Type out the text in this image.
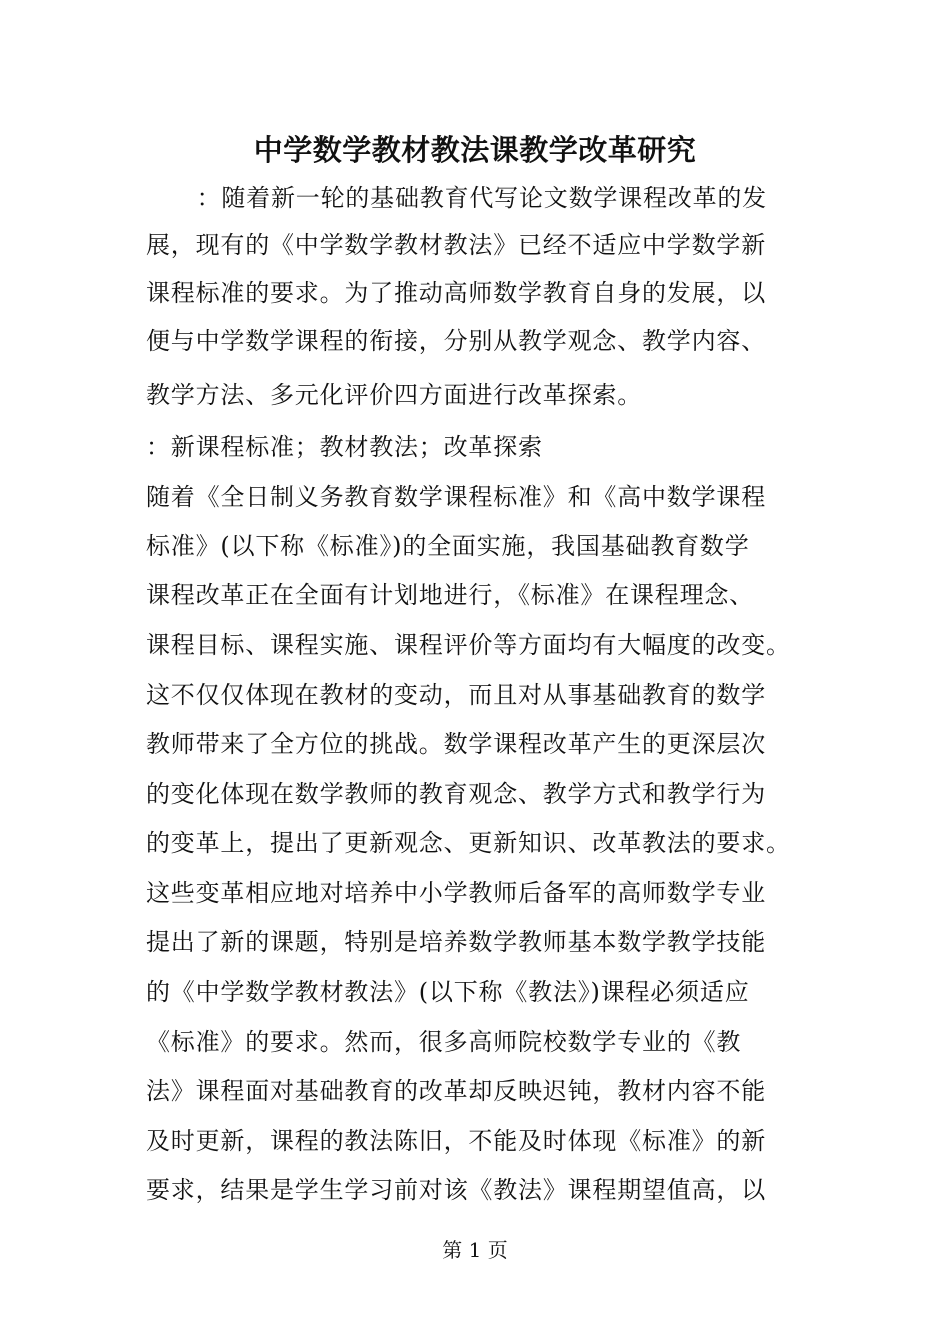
中学数学教材教法课教学改革研究
：随着新一轮的基础教育代写论文数学课程改革的发
展，现有的《中学数学教材教法》已经不适应中学数学新
课程标准的要求。为了推动高师数学教育自身的发展，以
便与中学数学课程的衔接，分别从教学观念、教学内容、
教学方法、多元化评价四方面进行改革探索。
：新课程标准；教材教法；改革探索
随着《全日制义务教育数学课程标准》和《高中数学课程
标准》(以下称《标准》)的全面实施，我国基础教育数学
课程改革正在全面有计划地进行，《标准》在课程理念、
课程目标、课程实施、课程评价等方面均有大幅度的改变。
这不仅仅体现在教材的变动，而且对从事基础教育的数学
教师带来了全方位的挑战。数学课程改革产生的更深层次
的变化体现在数学教师的教育观念、教学方式和教学行为
的变革上，提出了更新观念、更新知识、改革教法的要求。
这些变革相应地对培养中小学教师后备军的高师数学专业
提出了新的课题，特别是培养数学教师基本数学教学技能
的《中学数学教材教法》(以下称《教法》)课程必须适应
《标准》的要求。然而，很多高师院校数学专业的《教
法》课程面对基础教育的改革却反映迟钝，教材内容不能
及时更新，课程的教法陈旧，不能及时体现《标准》的新
要求，结果是学生学习前对该《教法》课程期望值高，以
第 1 页
